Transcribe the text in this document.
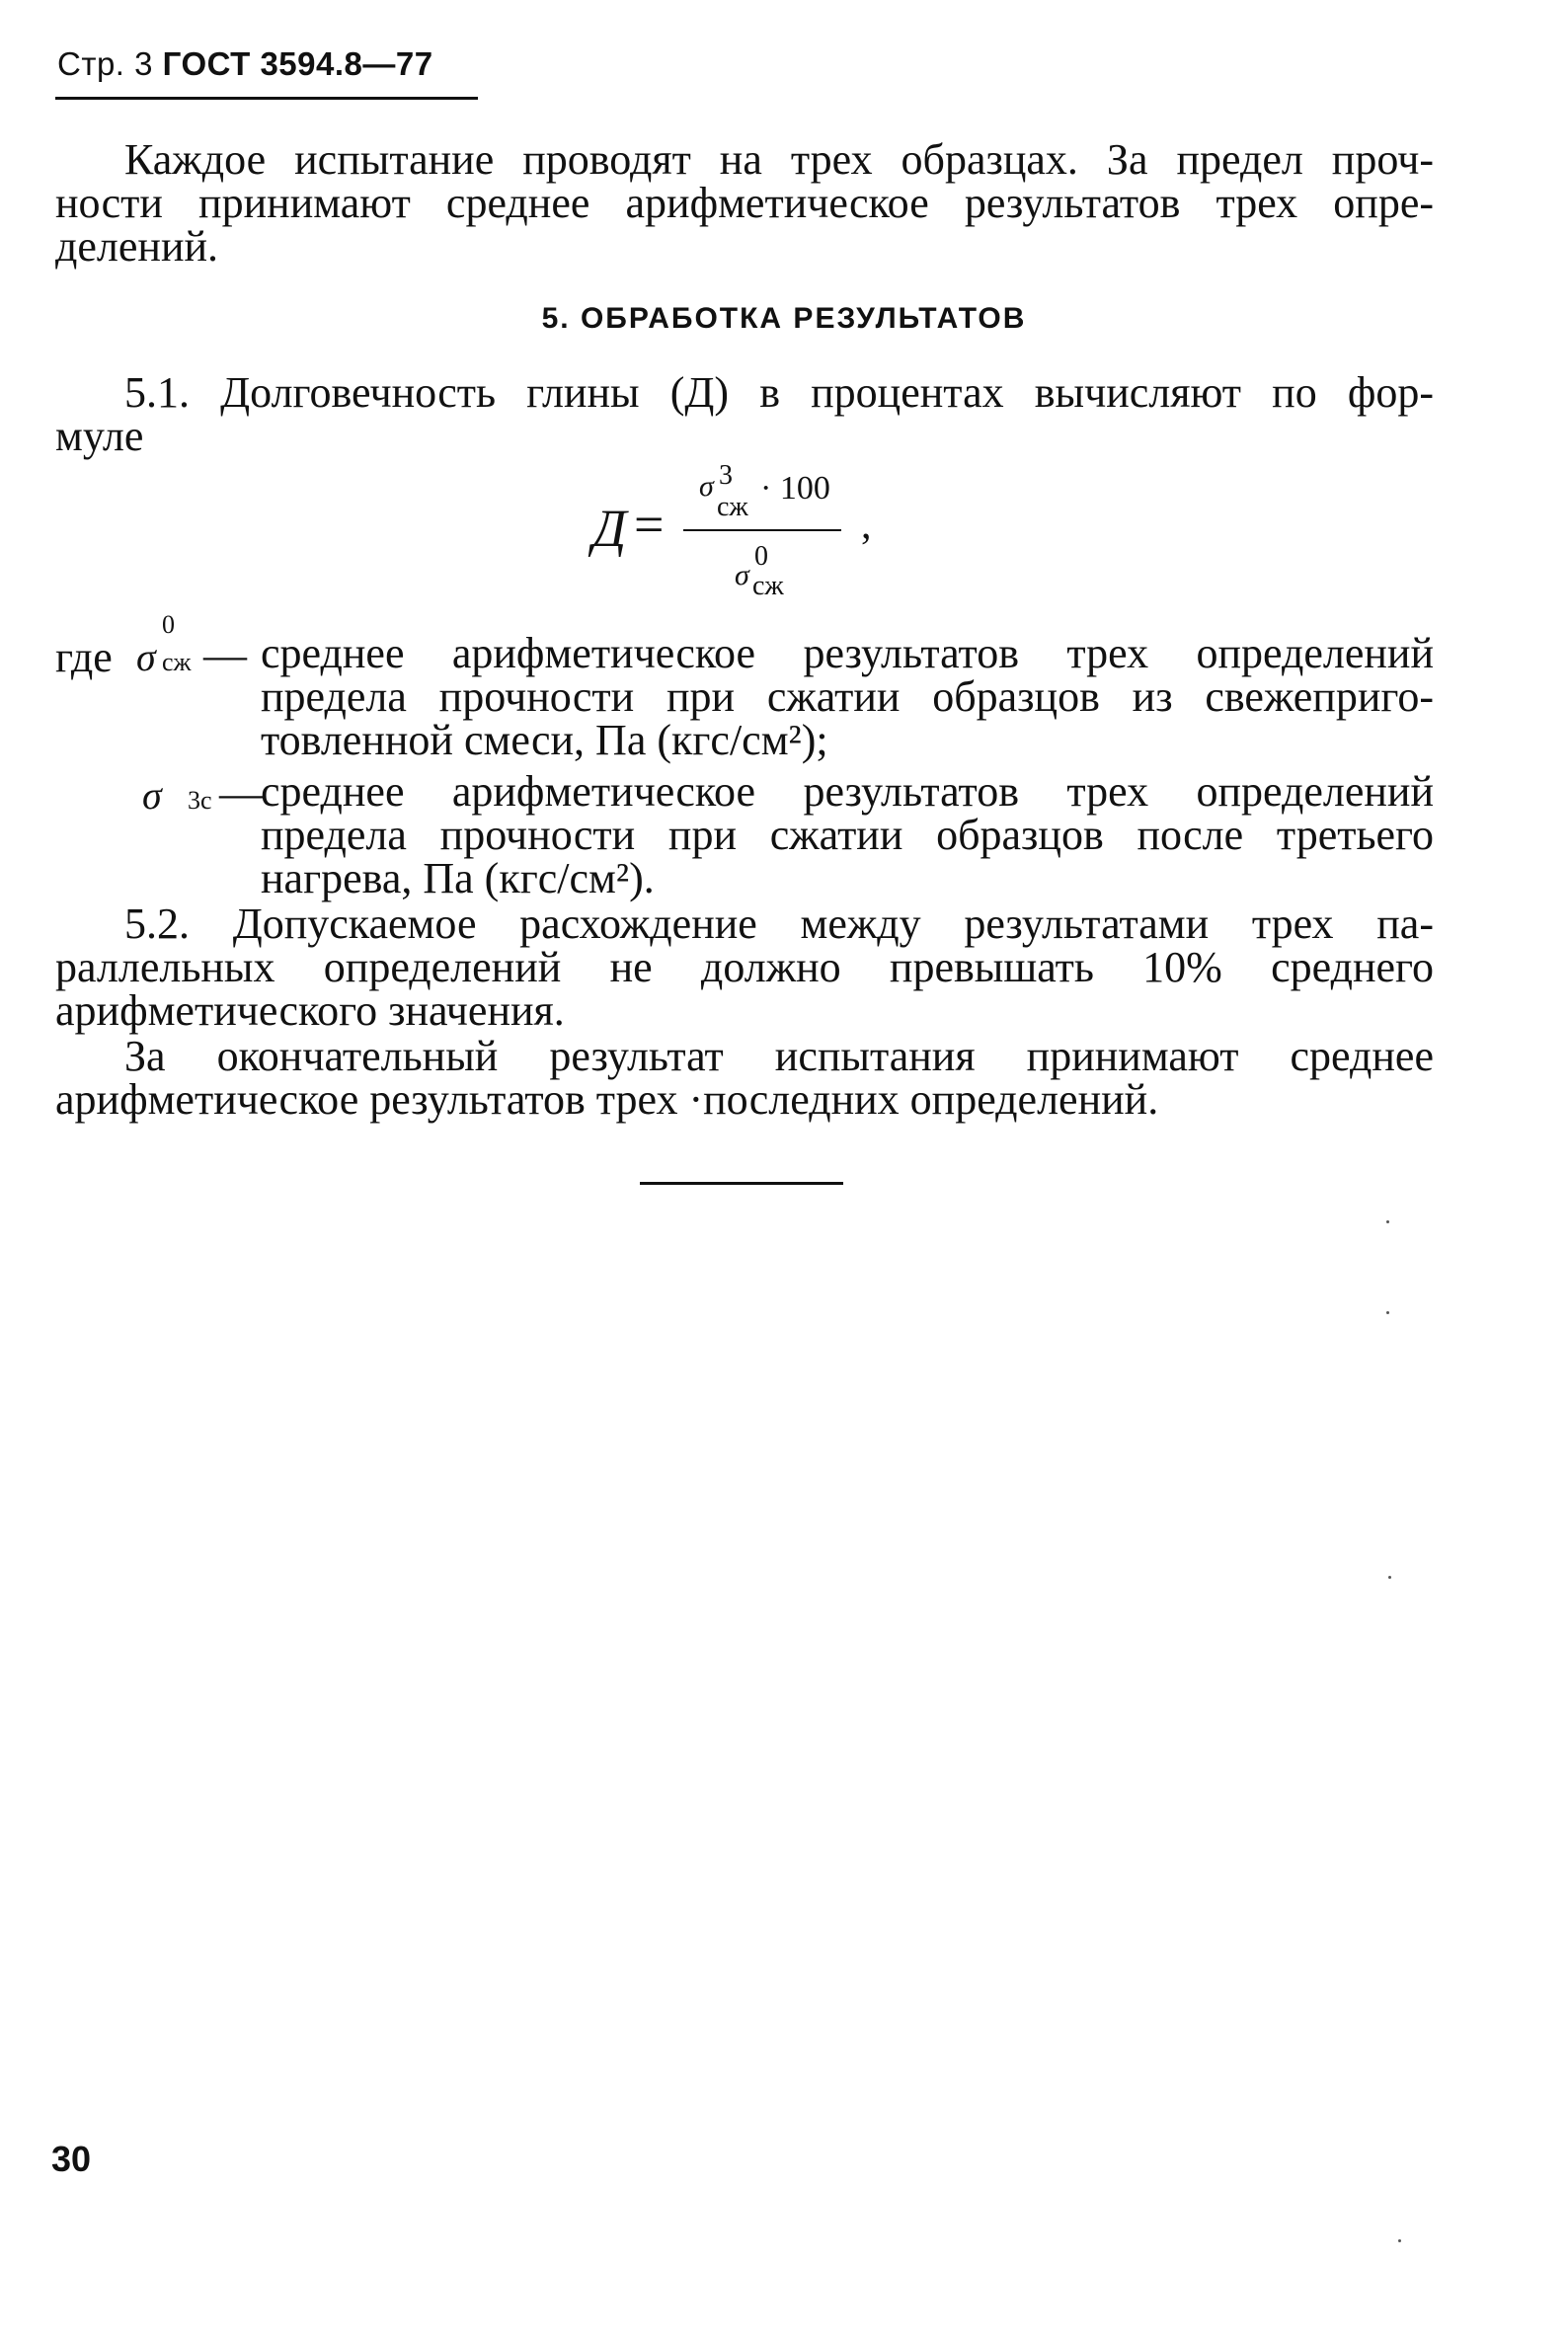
Стр. 3 ГОСТ 3594.8—77
Каждое испытание проводят на трех образцах. За предел проч-
ности принимают среднее арифметическое результатов трех опре-
делений.
5. ОБРАБОТКА РЕЗУЛЬТАТОВ
5.1. Долговечность глины (Д) в процентах вычисляют по фор-
муле
Д =
σ 3
сж
· 100
σ
0
сж
,
где σ
0
сж — среднее арифметическое результатов трех определений
предела прочности при сжатии образцов из свежеприго-
товленной смеси, Па (кгс/см²);
σ 3с —
среднее арифметическое результатов трех определений
предела прочности при сжатии образцов после третьего
нагрева, Па (кгс/см²).
5.2. Допускаемое расхождение между результатами трех па-
раллельных определений не должно превышать 10% среднего
арифметического значения.
За окончательный результат испытания принимают среднее
арифметическое результатов трех ·последних определений.
30
